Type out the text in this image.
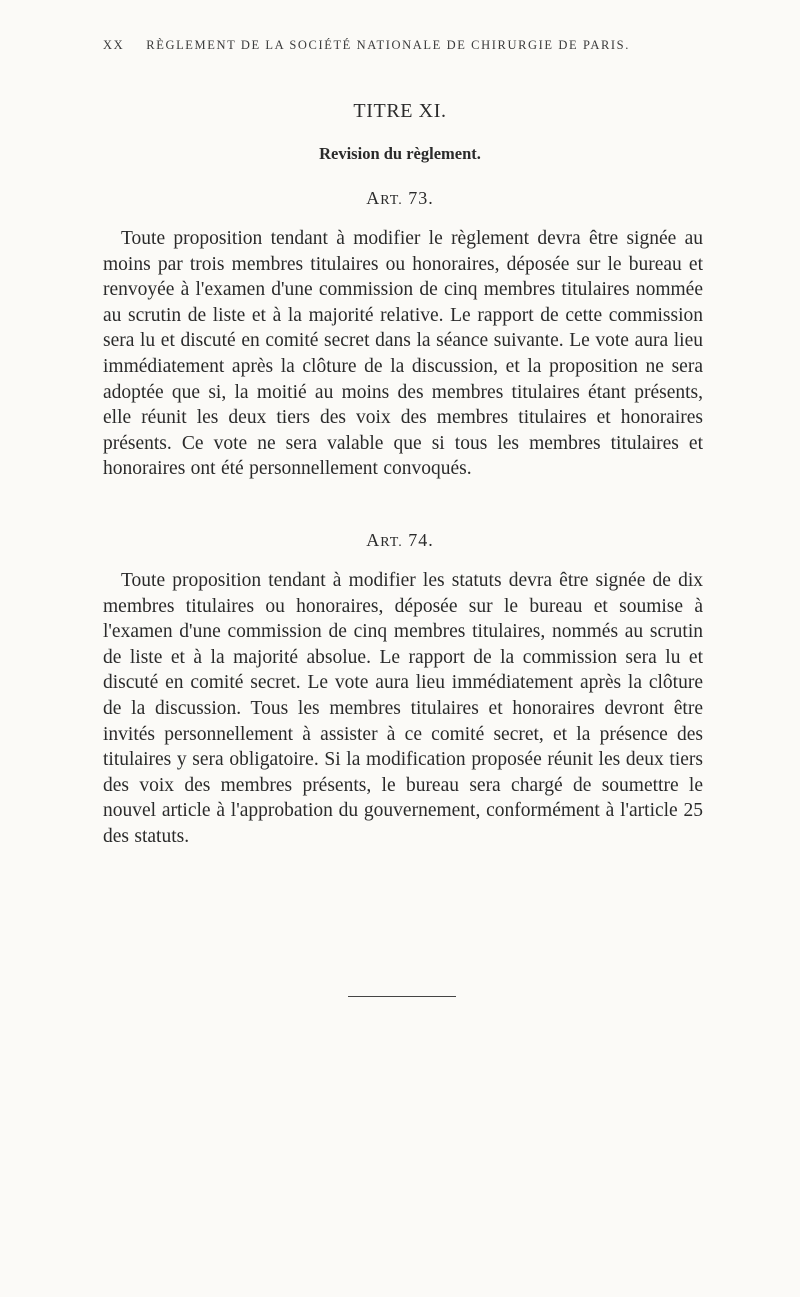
XX RÈGLEMENT DE LA SOCIÉTÉ NATIONALE DE CHIRURGIE DE PARIS.
TITRE XI.
Revision du règlement.
ART. 73.

Toute proposition tendant à modifier le règlement devra être signée au moins par trois membres titulaires ou honoraires, déposée sur le bureau et renvoyée à l'examen d'une commission de cinq membres titulaires nommée au scrutin de liste et à la majorité relative. Le rapport de cette commission sera lu et discuté en comité secret dans la séance suivante. Le vote aura lieu immédiatement après la clôture de la discussion, et la proposition ne sera adoptée que si, la moitié au moins des membres titulaires étant présents, elle réunit les deux tiers des voix des membres titulaires et honoraires présents. Ce vote ne sera valable que si tous les membres titulaires et honoraires ont été personnellement convoqués.

ART. 74.

Toute proposition tendant à modifier les statuts devra être signée de dix membres titulaires ou honoraires, déposée sur le bureau et soumise à l'examen d'une commission de cinq membres titulaires, nommés au scrutin de liste et à la majorité absolue. Le rapport de la commission sera lu et discuté en comité secret. Le vote aura lieu immédiatement après la clôture de la discussion. Tous les membres titulaires et honoraires devront être invités personnellement à assister à ce comité secret, et la présence des titulaires y sera obligatoire. Si la modification proposée réunit les deux tiers des voix des membres présents, le bureau sera chargé de soumettre le nouvel article à l'approbation du gouvernement, conformément à l'article 25 des statuts.
